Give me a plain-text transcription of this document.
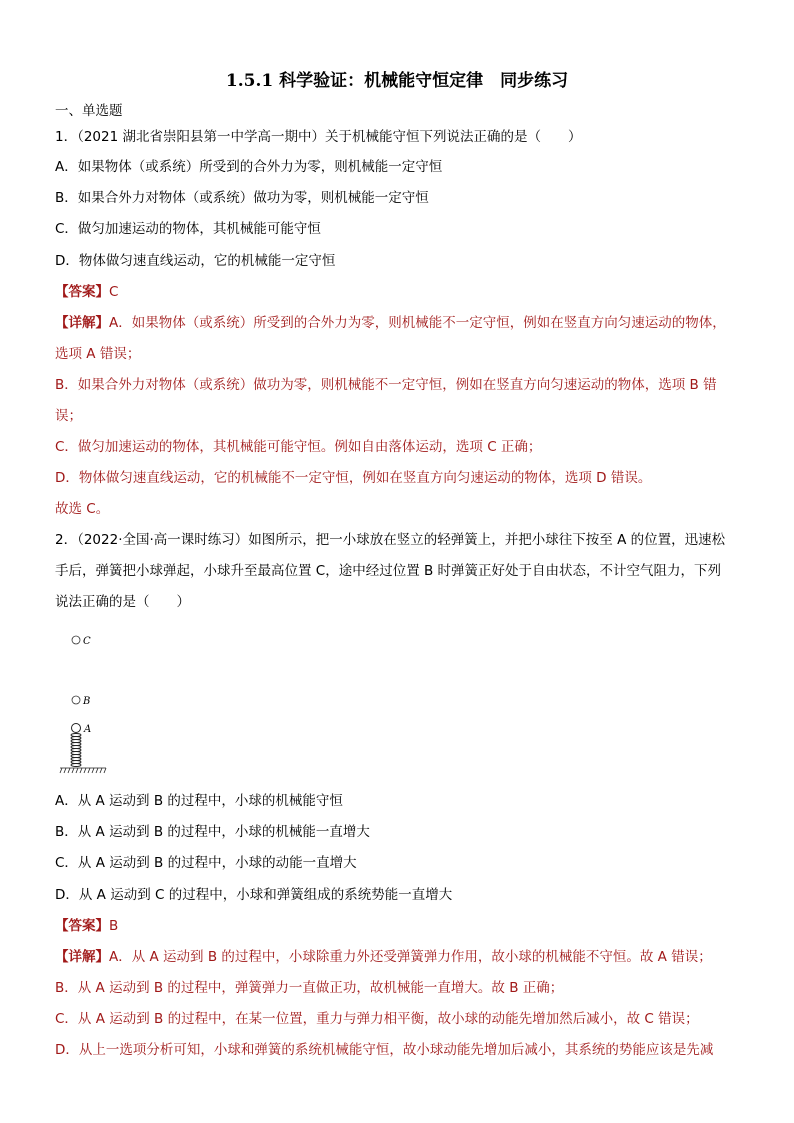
1.5.1 科学验证：机械能守恒定律　同步练习
一、单选题
1．（2021 湖北省崇阳县第一中学高一期中）关于机械能守恒下列说法正确的是（　　）
A．如果物体（或系统）所受到的合外力为零，则机械能一定守恒
B．如果合外力对物体（或系统）做功为零，则机械能一定守恒
C．做匀加速运动的物体，其机械能可能守恒
D．物体做匀速直线运动，它的机械能一定守恒
【答案】C
【详解】A．如果物体（或系统）所受到的合外力为零，则机械能不一定守恒，例如在竖直方向匀速运动的物体，
选项 A 错误；
B．如果合外力对物体（或系统）做功为零，则机械能不一定守恒，例如在竖直方向匀速运动的物体，选项 B 错
误；
C．做匀加速运动的物体，其机械能可能守恒。例如自由落体运动，选项 C 正确；
D．物体做匀速直线运动，它的机械能不一定守恒，例如在竖直方向匀速运动的物体，选项 D 错误。
故选 C。
2．（2022·全国·高一课时练习）如图所示，把一小球放在竖立的轻弹簧上，并把小球往下按至 A 的位置，迅速松
手后，弹簧把小球弹起，小球升至最高位置 C，途中经过位置 B 时弹簧正好处于自由状态，不计空气阻力，下列
说法正确的是（　　）
C
B
A
A．从 A 运动到 B 的过程中，小球的机械能守恒
B．从 A 运动到 B 的过程中，小球的机械能一直增大
C．从 A 运动到 B 的过程中，小球的动能一直增大
D．从 A 运动到 C 的过程中，小球和弹簧组成的系统势能一直增大
【答案】B
【详解】A．从 A 运动到 B 的过程中，小球除重力外还受弹簧弹力作用，故小球的机械能不守恒。故 A 错误；
B．从 A 运动到 B 的过程中，弹簧弹力一直做正功，故机械能一直增大。故 B 正确；
C．从 A 运动到 B 的过程中，在某一位置，重力与弹力相平衡，故小球的动能先增加然后减小，故 C 错误；
D．从上一选项分析可知，小球和弹簧的系统机械能守恒，故小球动能先增加后减小，其系统的势能应该是先减
